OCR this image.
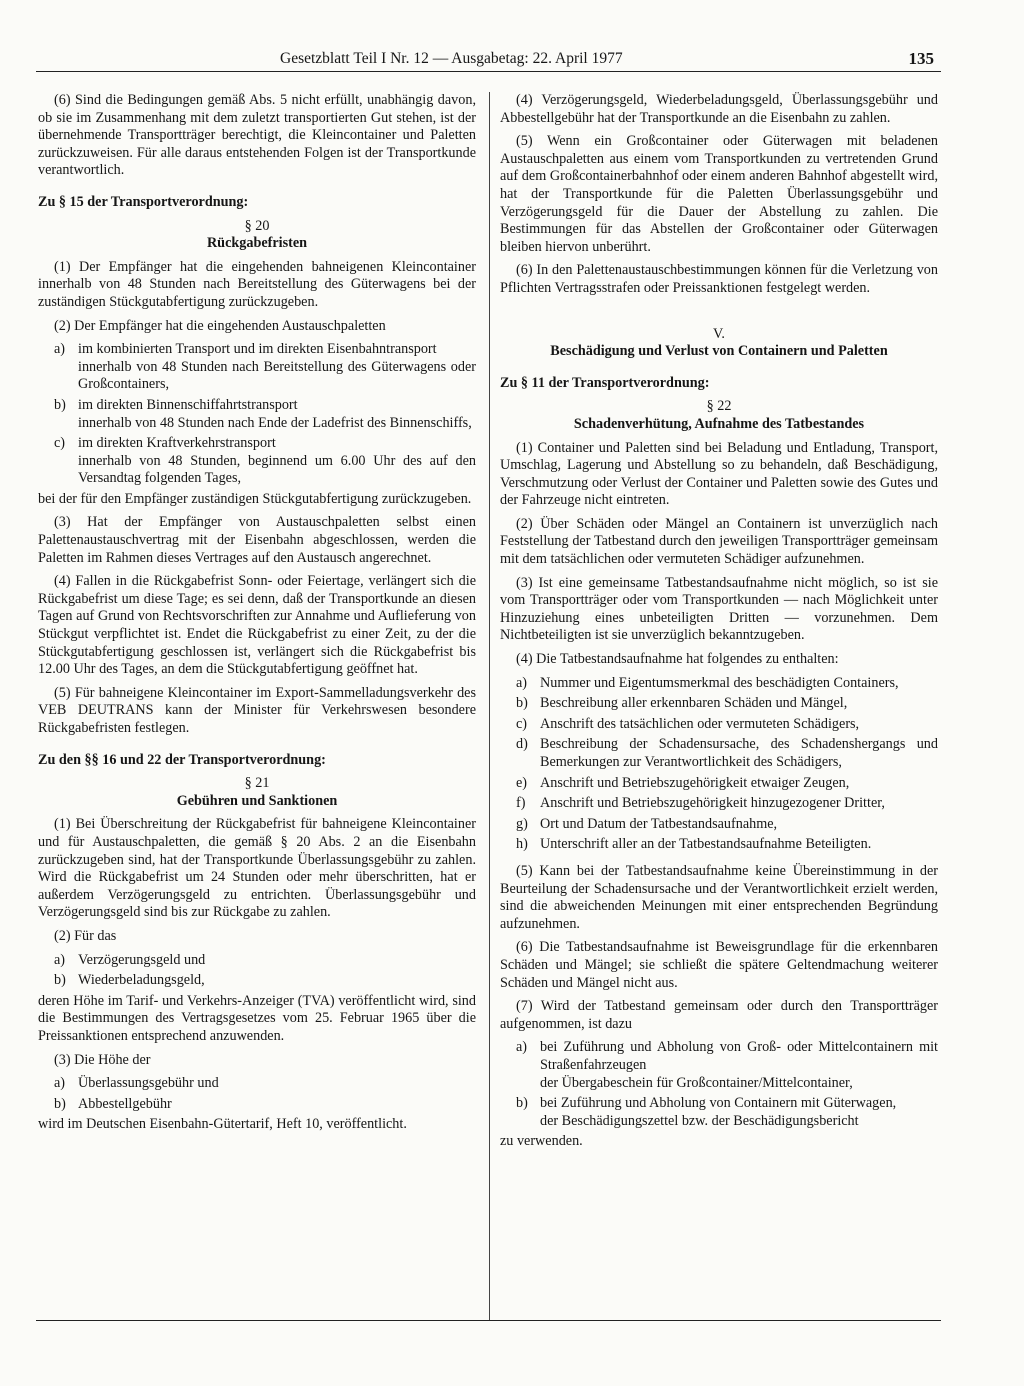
Gesetzblatt Teil I Nr. 12 — Ausgabetag: 22. April 1977	135

(6) Sind die Bedingungen gemäß Abs. 5 nicht erfüllt, unabhängig davon, ob sie im Zusammenhang mit dem zuletzt transportierten Gut stehen, ist der übernehmende Transportträger berechtigt, die Kleincontainer und Paletten zurückzuweisen. Für alle daraus entstehenden Folgen ist der Transportkunde verantwortlich.

Zu § 15 der Transportverordnung:

§ 20

Rückgabefristen

(1) Der Empfänger hat die eingehenden bahneigenen Kleincontainer innerhalb von 48 Stunden nach Bereitstellung des Güterwagens bei der zuständigen Stückgutabfertigung zurückzugeben.

(2) Der Empfänger hat die eingehenden Austauschpaletten

a) im kombinierten Transport und im direkten Eisenbahntransport
innerhalb von 48 Stunden nach Bereitstellung des Güterwagens oder Großcontainers,
b) im direkten Binnenschiffahrtstransport
innerhalb von 48 Stunden nach Ende der Ladefrist des Binnenschiffs,
c) im direkten Kraftverkehrstransport
innerhalb von 48 Stunden, beginnend um 6.00 Uhr des auf den Versandtag folgenden Tages,

bei der für den Empfänger zuständigen Stückgutabfertigung zurückzugeben.

(3) Hat der Empfänger von Austauschpaletten selbst einen Palettenaustauschvertrag mit der Eisenbahn abgeschlossen, werden die Paletten im Rahmen dieses Vertrages auf den Austausch angerechnet.

(4) Fallen in die Rückgabefrist Sonn- oder Feiertage, verlängert sich die Rückgabefrist um diese Tage; es sei denn, daß der Transportkunde an diesen Tagen auf Grund von Rechtsvorschriften zur Annahme und Auflieferung von Stückgut verpflichtet ist. Endet die Rückgabefrist zu einer Zeit, zu der die Stückgutabfertigung geschlossen ist, verlängert sich die Rückgabefrist bis 12.00 Uhr des Tages, an dem die Stückgutabfertigung geöffnet hat.

(5) Für bahneigene Kleincontainer im Export-Sammelladungsverkehr des VEB DEUTRANS kann der Minister für Verkehrswesen besondere Rückgabefristen festlegen.

Zu den §§ 16 und 22 der Transportverordnung:

§ 21

Gebühren und Sanktionen

(1) Bei Überschreitung der Rückgabefrist für bahneigene Kleincontainer und für Austauschpaletten, die gemäß § 20 Abs. 2 an die Eisenbahn zurückzugeben sind, hat der Transportkunde Überlassungsgebühr zu zahlen. Wird die Rückgabefrist um 24 Stunden oder mehr überschritten, hat er außerdem Verzögerungsgeld zu entrichten. Überlassungsgebühr und Verzögerungsgeld sind bis zur Rückgabe zu zahlen.

(2) Für das

a) Verzögerungsgeld und
b) Wiederbeladungsgeld,

deren Höhe im Tarif- und Verkehrs-Anzeiger (TVA) veröffentlicht wird, sind die Bestimmungen des Vertragsgesetzes vom 25. Februar 1965 über die Preissanktionen entsprechend anzuwenden.

(3) Die Höhe der

a) Überlassungsgebühr und
b) Abbestellgebühr

wird im Deutschen Eisenbahn-Gütertarif, Heft 10, veröffentlicht.

(4) Verzögerungsgeld, Wiederbeladungsgeld, Überlassungsgebühr und Abbestellgebühr hat der Transportkunde an die Eisenbahn zu zahlen.

(5) Wenn ein Großcontainer oder Güterwagen mit beladenen Austauschpaletten aus einem vom Transportkunden zu vertretenden Grund auf dem Großcontainerbahnhof oder einem anderen Bahnhof abgestellt wird, hat der Transportkunde für die Paletten Überlassungsgebühr und Verzögerungsgeld für die Dauer der Abstellung zu zahlen. Die Bestimmungen für das Abstellen der Großcontainer oder Güterwagen bleiben hiervon unberührt.

(6) In den Palettenaustauschbestimmungen können für die Verletzung von Pflichten Vertragsstrafen oder Preissanktionen festgelegt werden.

V.

Beschädigung und Verlust von Containern und Paletten

Zu § 11 der Transportverordnung:

§ 22

Schadenverhütung, Aufnahme des Tatbestandes

(1) Container und Paletten sind bei Beladung und Entladung, Transport, Umschlag, Lagerung und Abstellung so zu behandeln, daß Beschädigung, Verschmutzung oder Verlust der Container und Paletten sowie des Gutes und der Fahrzeuge nicht eintreten.

(2) Über Schäden oder Mängel an Containern ist unverzüglich nach Feststellung der Tatbestand durch den jeweiligen Transportträger gemeinsam mit dem tatsächlichen oder vermuteten Schädiger aufzunehmen.

(3) Ist eine gemeinsame Tatbestandsaufnahme nicht möglich, so ist sie vom Transportträger oder vom Transportkunden — nach Möglichkeit unter Hinzuziehung eines unbeteiligten Dritten — vorzunehmen. Dem Nichtbeteiligten ist sie unverzüglich bekanntzugeben.

(4) Die Tatbestandsaufnahme hat folgendes zu enthalten:

a) Nummer und Eigentumsmerkmal des beschädigten Containers,
b) Beschreibung aller erkennbaren Schäden und Mängel,
c) Anschrift des tatsächlichen oder vermuteten Schädigers,
d) Beschreibung der Schadensursache, des Schadenshergangs und Bemerkungen zur Verantwortlichkeit des Schädigers,
e) Anschrift und Betriebszugehörigkeit etwaiger Zeugen,
f)	Anschrift und Betriebszugehörigkeit hinzugezogener Dritter,
g) Ort und Datum der Tatbestandsaufnahme,
h) Unterschrift aller an der Tatbestandsaufnahme Beteiligten.

(5) Kann bei der Tatbestandsaufnahme keine Übereinstimmung in der Beurteilung der Schadensursache und der Verantwortlichkeit erzielt werden, sind die abweichenden Meinungen mit einer entsprechenden Begründung aufzunehmen.

(6) Die Tatbestandsaufnahme ist Beweisgrundlage für die erkennbaren Schäden und Mängel; sie schließt die spätere Geltendmachung weiterer Schäden und Mängel nicht aus.

(7) Wird der Tatbestand gemeinsam oder durch den Transportträger aufgenommen, ist dazu

a) bei Zuführung und Abholung von Groß- oder Mittelcontainern mit Straßenfahrzeugen
der Übergabeschein für Großcontainer/Mittelcontainer,
b) bei Zuführung und Abholung von Containern mit Güterwagen,
der Beschädigungszettel bzw. der Beschädigungsbericht

zu verwenden.
